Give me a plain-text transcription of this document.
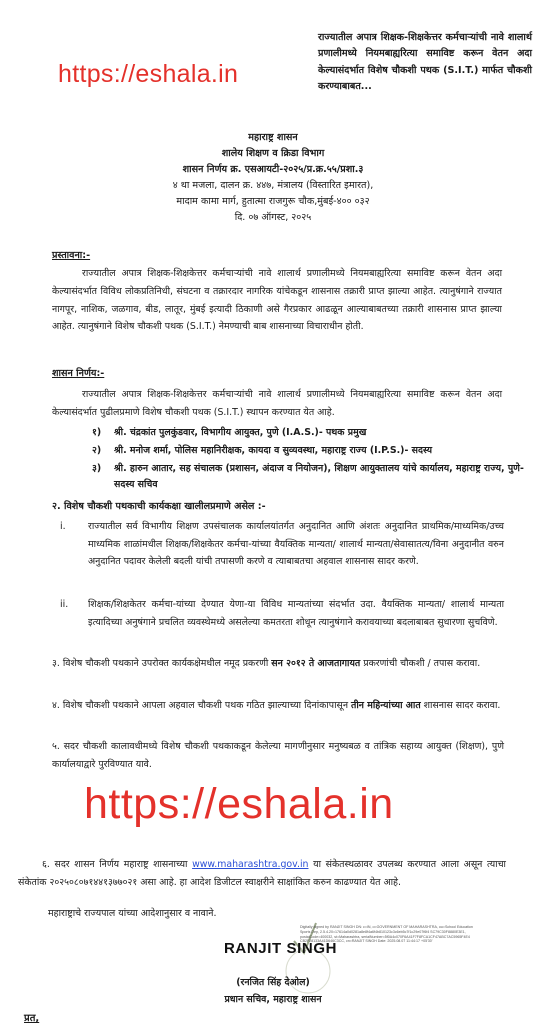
https://eshala.in
राज्यातील अपात्र शिक्षक-शिक्षकेत्तर कर्मचाऱ्यांची नावे शालार्थ प्रणालीमध्ये नियमबाह्यरित्या समाविष्ट करून वेतन अदा केल्यासंदर्भात विशेष चौकशी पथक (S.I.T.) मार्फत चौकशी करण्याबाबत...
महाराष्ट्र शासन
शालेय शिक्षण व क्रिडा विभाग
शासन निर्णय क्र. एसआयटी-२०२५/प्र.क्र.५५/प्रशा.३
४ था मजला, दालन क्र. ४४७, मंत्रालय (विस्तारित इमारत),
मादाम कामा मार्ग, हुतात्मा राजगुरू चौक,मुंबई-४०० ०३२
दि. ०७ ऑगस्ट, २०२५
प्रस्तावना:-
राज्यातील अपात्र शिक्षक-शिक्षकेत्तर कर्मचाऱ्यांची नावे शालार्थ प्रणालीमध्ये नियमबाह्यरित्या समाविष्ट करून वेतन अदा केल्यासंदर्भात विविध लोकप्रतिनिधी, संघटना व तक्रारदार नागरिक यांचेकडून शासनास तक्रारी प्राप्त झाल्या आहेत. त्यानुषंगाने राज्यात नागपूर, नाशिक, जळगाव, बीड, लातूर, मुंबई इत्यादी ठिकाणी असे गैरप्रकार आढळून आल्याबाबतच्या तक्रारी शासनास प्राप्त झाल्या आहेत. त्यानुषंगाने विशेष चौकशी पथक (S.I.T.) नेमण्याची बाब शासनाच्या विचाराधीन होती.
शासन निर्णय:-
राज्यातील अपात्र शिक्षक-शिक्षकेत्तर कर्मचाऱ्यांची नावे शालार्थ प्रणालीमध्ये नियमबाह्यरित्या समाविष्ट करून वेतन अदा केल्यासंदर्भात पुढीलप्रमाणे विशेष चौकशी पथक (S.I.T.) स्थापन करण्यात येत आहे.
१) श्री. चंद्रकांत पुलकुंडवार, विभागीय आयुक्त, पुणे (I.A.S.)- पथक प्रमुख
२) श्री. मनोज शर्मा, पोलिस महानिरीक्षक, कायदा व सुव्यवस्था, महाराष्ट्र राज्य (I.P.S.)- सदस्य
३) श्री. हारुन आतार, सह संचालक (प्रशासन, अंदाज व नियोजन), शिक्षण आयुक्तालय यांचे कार्यालय, महाराष्ट्र राज्य, पुणे- सदस्य सचिव
२. विशेष चौकशी पथकाची कार्यकक्षा खालीलप्रमाणे असेल :-
i. राज्यातील सर्व विभागीय शिक्षण उपसंचालक कार्यालयांतर्गत अनुदानित आणि अंशतः अनुदानित प्राथमिक/माध्यमिक/उच्च माध्यमिक शाळांमधील शिक्षक/शिक्षकेतर कर्मचा-यांच्या वैयक्तिक मान्यता/ शालार्थ मान्यता/सेवासातत्य/विना अनुदानीत वरुन अनुदानित पदावर केलेली बदली यांची तपासणी करणे व त्याबाबतचा अहवाल शासनास सादर करणे.
ii. शिक्षक/शिक्षकेतर कर्मचा-यांच्या देण्यात येणा-या विविध मान्यतांच्या संदर्भात उदा. वैयक्तिक मान्यता/ शालार्थ मान्यता इत्यादिच्या अनुषंगाने प्रचलित व्यवस्थेमध्ये असलेल्या कमतरता शोधून त्यानुषंगाने करावयाच्या बदलाबाबत सुधारणा सुचविणे.
३. विशेष चौकशी पथकाने उपरोक्त कार्यकक्षेमधील नमूद प्रकरणी सन २०१२ ते आजतागायत प्रकरणांची चौकशी / तपास करावा.
४. विशेष चौकशी पथकाने आपला अहवाल चौकशी पथक गठित झाल्याच्या दिनांकापासून तीन महिन्यांच्या आत शासनास सादर करावा.
५. सदर चौकशी कालावधीमध्ये विशेष चौकशी पथकाकडून केलेल्या मागणीनुसार मनुष्यबळ व तांत्रिक सहाय्य आयुक्त (शिक्षण), पुणे कार्यालयाद्वारे पुरविण्यात यावे.
https://eshala.in
६. सदर शासन निर्णय महाराष्ट्र शासनाच्या www.maharashtra.gov.in या संकेतस्थळावर उपलब्ध करण्यात आला असून त्याचा संकेतांक २०२५०८०७१४४१३७७०२१ असा आहे. हा आदेश डिजीटल स्वाक्षरीने साक्षांकित करुन काढण्यात येत आहे.
महाराष्ट्राचे राज्यपाल यांच्या आदेशानुसार व नावाने.
RANJIT SINGH
Digitally signed by RANJIT SINGH DN: c=IN, o=GOVERNMENT OF MAHARASHTRA, ou=School Education Sports Dep, 2.5.4.20=17614a0d0281a8e8f4a6f4b810123c3c6eb5c7f1c29e07f6f4 SC79C30F8880E3E1, postalCode=400032, st=Maharashtra, serialNumber=5f0A4c070F6A41F7F8FCA1CF47ABC7AC5965F4E4 CB2F28133A41D646C3CC, cn=RANJIT SINGH Date: 2025.08.07 11:44:17 +05'30'
(रनजित सिंह देओल)
प्रधान सचिव, महाराष्ट्र शासन
प्रत,
